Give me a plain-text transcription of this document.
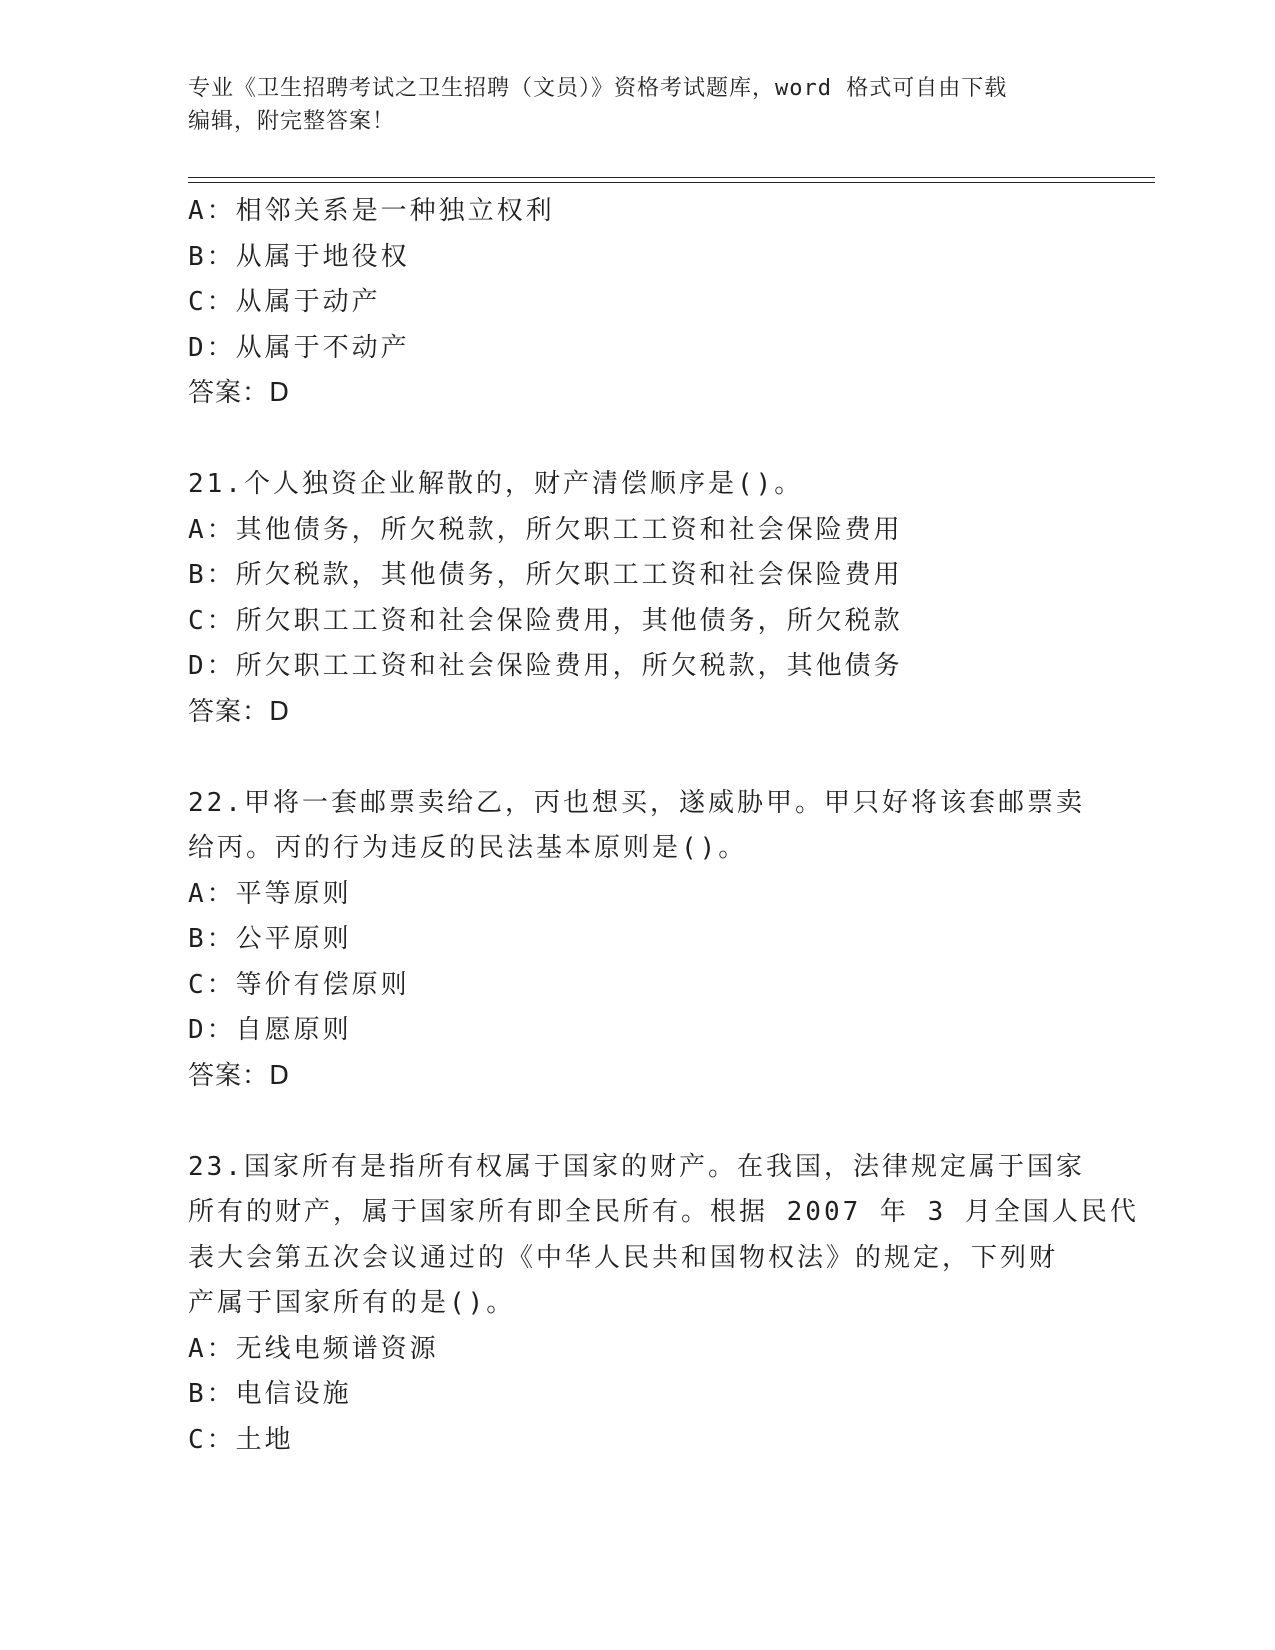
专业《卫生招聘考试之卫生招聘（文员）》资格考试题库，word 格式可自由下载
编辑，附完整答案！
A：相邻关系是一种独立权利
B：从属于地役权
C：从属于动产
D：从属于不动产
答案：D
21.个人独资企业解散的，财产清偿顺序是()。
A：其他债务，所欠税款，所欠职工工资和社会保险费用
B：所欠税款，其他债务，所欠职工工资和社会保险费用
C：所欠职工工资和社会保险费用，其他债务，所欠税款
D：所欠职工工资和社会保险费用，所欠税款，其他债务
答案：D
22.甲将一套邮票卖给乙，丙也想买，遂威胁甲。甲只好将该套邮票卖
给丙。丙的行为违反的民法基本原则是()。
A：平等原则
B：公平原则
C：等价有偿原则
D：自愿原则
答案：D
23.国家所有是指所有权属于国家的财产。在我国，法律规定属于国家
所有的财产，属于国家所有即全民所有。根据 2007 年 3 月全国人民代
表大会第五次会议通过的《中华人民共和国物权法》的规定，下列财
产属于国家所有的是()。
A：无线电频谱资源
B：电信设施
C：土地
